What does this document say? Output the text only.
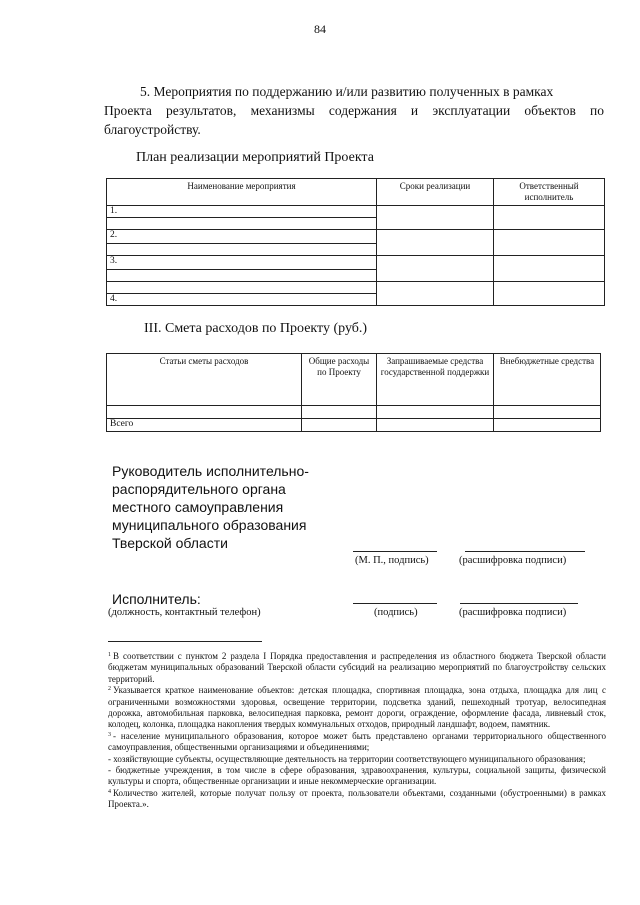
84
5. Мероприятия по поддержанию и/или развитию полученных в рамках
Проекта результатов, механизмы содержания и эксплуатации объектов по благоустройству.
План реализации мероприятий Проекта
Наименование мероприятия	Сроки реализации	Ответственный исполнитель
1.		

2.		

3.		

4.		
III. Смета расходов по Проекту (руб.)
Статьи сметы расходов	Общие расходы по Проекту	Запрашиваемые средства государственной поддержки	Внебюджетные средства

Всего			
Руководитель исполнительно-
распорядительного органа
местного самоуправления
муниципального образования
Тверской области
(М. П., подпись)	(расшифровка подписи)
Исполнитель:
(должность, контактный телефон)	(подпись)	(расшифровка подписи)

$^1$ В соответствии с пунктом 2 раздела I Порядка предоставления и распределения из областного бюджета Тверской области бюджетам муниципальных образований Тверской области субсидий на реализацию мероприятий по благоустройству сельских территорий.

$^2$ Указывается краткое наименование объектов: детская площадка, спортивная площадка, зона отдыха, площадка для лиц с ограниченными возможностями здоровья, освещение территории, подсветка зданий, пешеходный тротуар, велосипедная дорожка, автомобильная парковка, велосипедная парковка, ремонт дороги, ограждение, оформление фасада, ливневый сток, колодец, колонка, площадка накопления твердых коммунальных отходов, природный ландшафт, водоем, памятник.

$^3$ - население муниципального образования, которое может быть представлено органами территориального общественного самоуправления, общественными организациями и объединениями;

- хозяйствующие субъекты, осуществляющие деятельность на территории соответствующего муниципального образования;

- бюджетные учреждения, в том числе в сфере образования, здравоохранения, культуры, социальной защиты, физической культуры и спорта, общественные организации и иные некоммерческие организации.

$^4$ Количество жителей, которые получат пользу от проекта, пользователи объектами, созданными (обустроенными) в рамках Проекта.».
